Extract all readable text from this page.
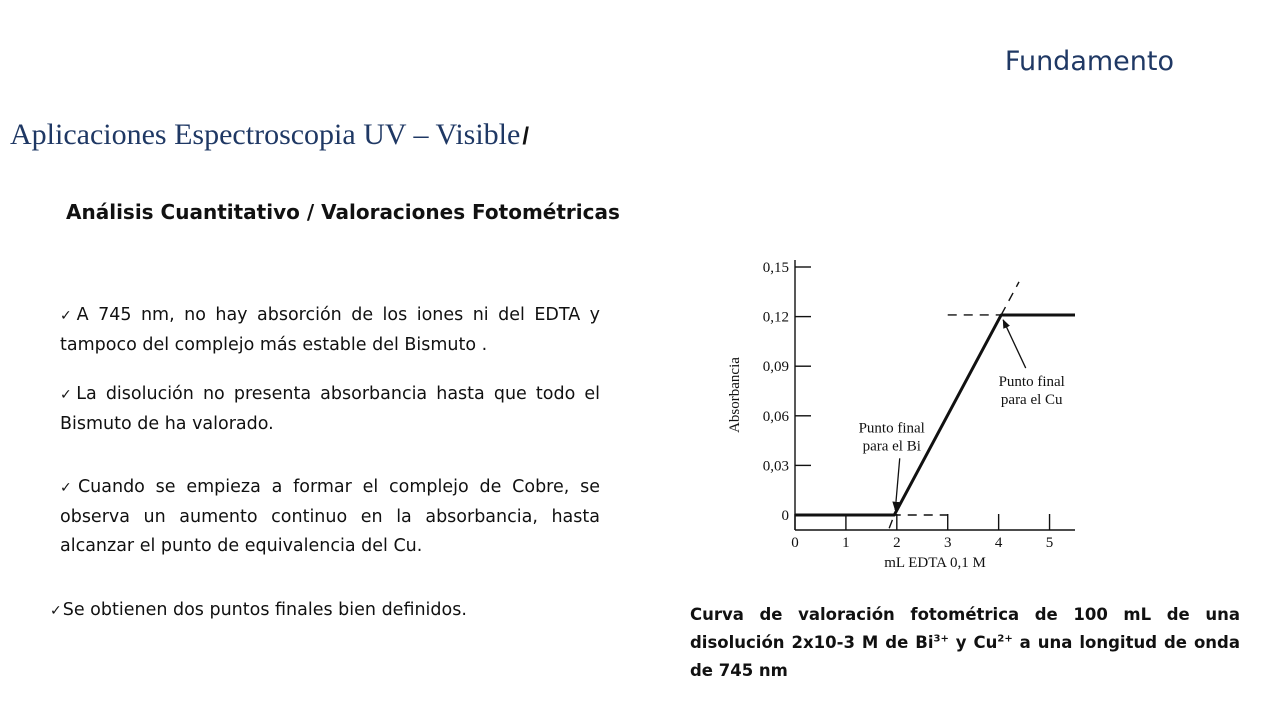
Fundamento
Aplicaciones Espectroscopia UV – Visible/
Análisis Cuantitativo / Valoraciones Fotométricas
✓A 745 nm, no hay absorción de los iones ni del EDTA y tampoco del complejo más estable del Bismuto .
✓La disolución no presenta absorbancia hasta que todo el Bismuto de ha valorado.
✓Cuando se empieza a formar el complejo de Cobre, se observa un aumento continuo en la absorbancia, hasta alcanzar el punto de equivalencia del Cu.
✓Se obtienen dos puntos finales bien definidos.
0
0,03
0,06
0,09
0,12
0,15
0	1	2	3	4	5
mL EDTA 0,1 M
Absorbancia	Punto final
para el Bi
Punto final
para el Cu
Curva de valoración fotométrica de 100 mL de una disolución 2x10-3 M de $Bi^{3+}$ y $Cu^{2+}$ a una longitud de onda de 745 nm
